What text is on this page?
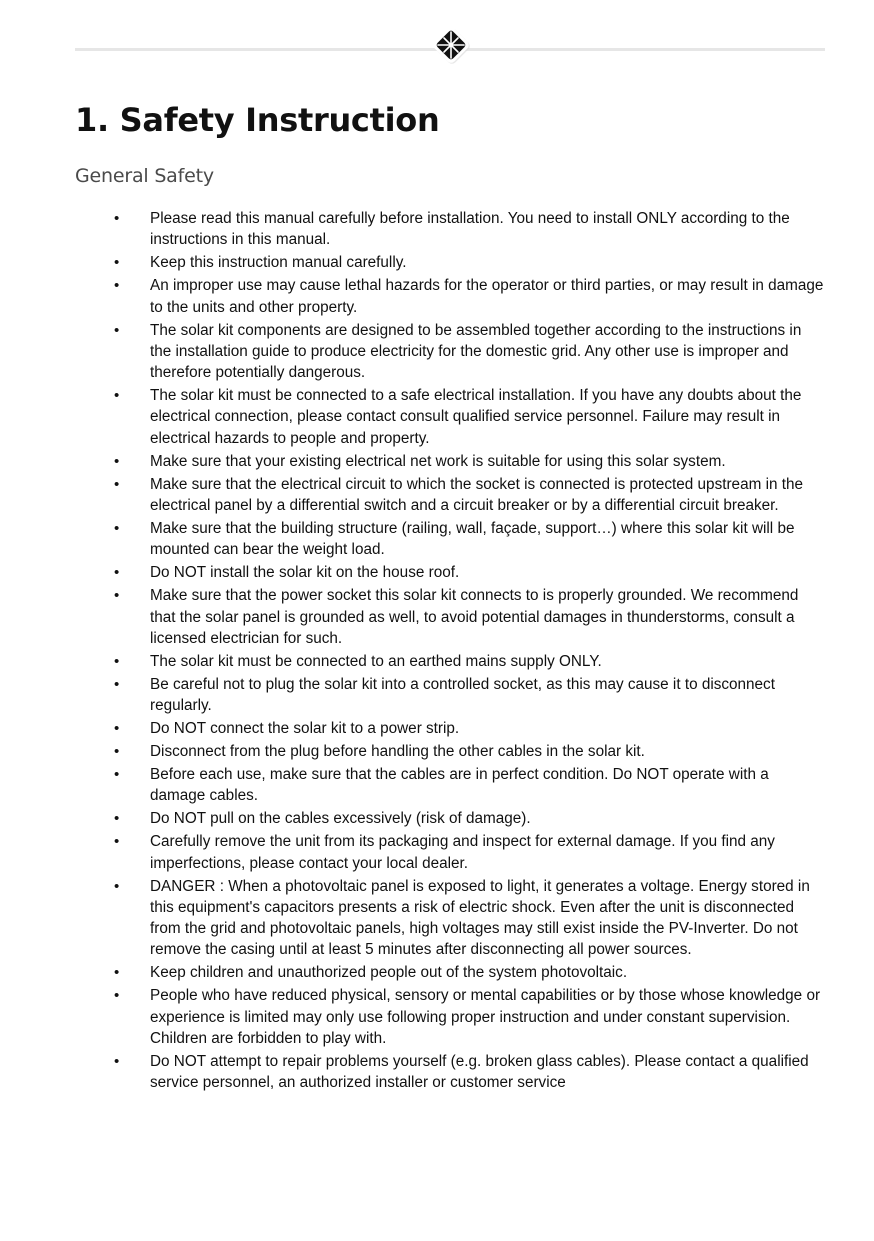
1. Safety Instruction
General Safety
•	Please read this manual carefully before installation. You need to install ONLY according to the instructions in this manual.
•	Keep this instruction manual carefully.
•	An improper use may cause lethal hazards for the operator or third parties, or may result in damage to the units and other property.
•	The solar kit components are designed to be assembled together according to the instructions in the installation guide to produce electricity for the domestic grid. Any other use is improper and therefore potentially dangerous.
•	The solar kit must be connected to a safe electrical installation. If you have any doubts about the electrical connection, please contact consult qualified service personnel. Failure may result in electrical hazards to people and property.
•	Make sure that your existing electrical net work is suitable for using this solar system.
•	Make sure that the electrical circuit to which the socket is connected is protected upstream in the electrical panel by a differential switch and a circuit breaker or by a differential circuit breaker.
•	Make sure that the building structure (railing, wall, façade, support…) where this solar kit will be mounted can bear the weight load.
•	Do NOT install the solar kit on the house roof.
•	Make sure that the power socket this solar kit connects to is properly grounded. We recommend that the solar panel is grounded as well, to avoid potential damages in thunderstorms, consult a licensed electrician for such.
•	The solar kit must be connected to an earthed mains supply ONLY.
•	Be careful not to plug the solar kit into a controlled socket, as this may cause it to disconnect regularly.
•	Do NOT connect the solar kit to a power strip.
•	Disconnect from the plug before handling the other cables in the solar kit.
•	Before each use, make sure that the cables are in perfect condition. Do NOT operate with a damage cables.
•	Do NOT pull on the cables excessively (risk of damage).
•	Carefully remove the unit from its packaging and inspect for external damage. If you find any imperfections, please contact your local dealer.
•	DANGER : When a photovoltaic panel is exposed to light, it generates a voltage. Energy stored in this equipment's capacitors presents a risk of electric shock. Even after the unit is disconnected from the grid and photovoltaic panels, high voltages may still exist inside the PV-Inverter. Do not remove the casing until at least 5 minutes after disconnecting all power sources.
•	Keep children and unauthorized people out of the system photovoltaic.
•	People who have reduced physical, sensory or mental capabilities or by those whose knowledge or experience is limited may only use following proper instruction and under constant supervision. Children are forbidden to play with.
•	Do NOT attempt to repair problems yourself (e.g. broken glass cables). Please contact a qualified service personnel, an authorized installer or customer service
